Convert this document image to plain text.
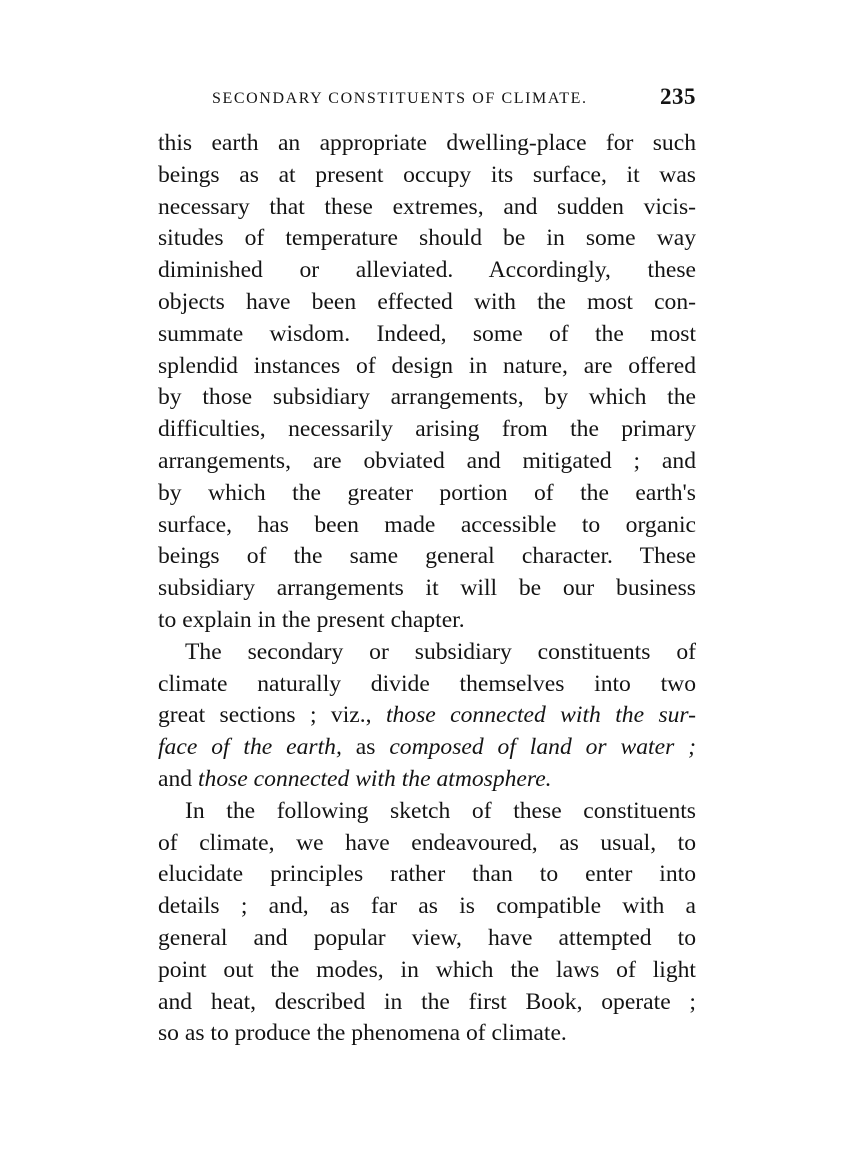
SECONDARY CONSTITUENTS OF CLIMATE.	235
this earth an appropriate dwelling-place for such
beings as at present occupy its surface, it was
necessary that these extremes, and sudden vicis-
situdes of temperature should be in some way
diminished or alleviated. Accordingly, these
objects have been effected with the most con-
summate wisdom. Indeed, some of the most
splendid instances of design in nature, are offered
by those subsidiary arrangements, by which the
difficulties, necessarily arising from the primary
arrangements, are obviated and mitigated ; and
by which the greater portion of the earth's
surface, has been made accessible to organic
beings of the same general character. These
subsidiary arrangements it will be our business
to explain in the present chapter.
The secondary or subsidiary constituents of
climate naturally divide themselves into two
great sections ; viz., those connected with the sur-
face of the earth, as composed of land or water ;
and those connected with the atmosphere.
In the following sketch of these constituents
of climate, we have endeavoured, as usual, to
elucidate principles rather than to enter into
details ; and, as far as is compatible with a
general and popular view, have attempted to
point out the modes, in which the laws of light
and heat, described in the first Book, operate ;
so as to produce the phenomena of climate.
